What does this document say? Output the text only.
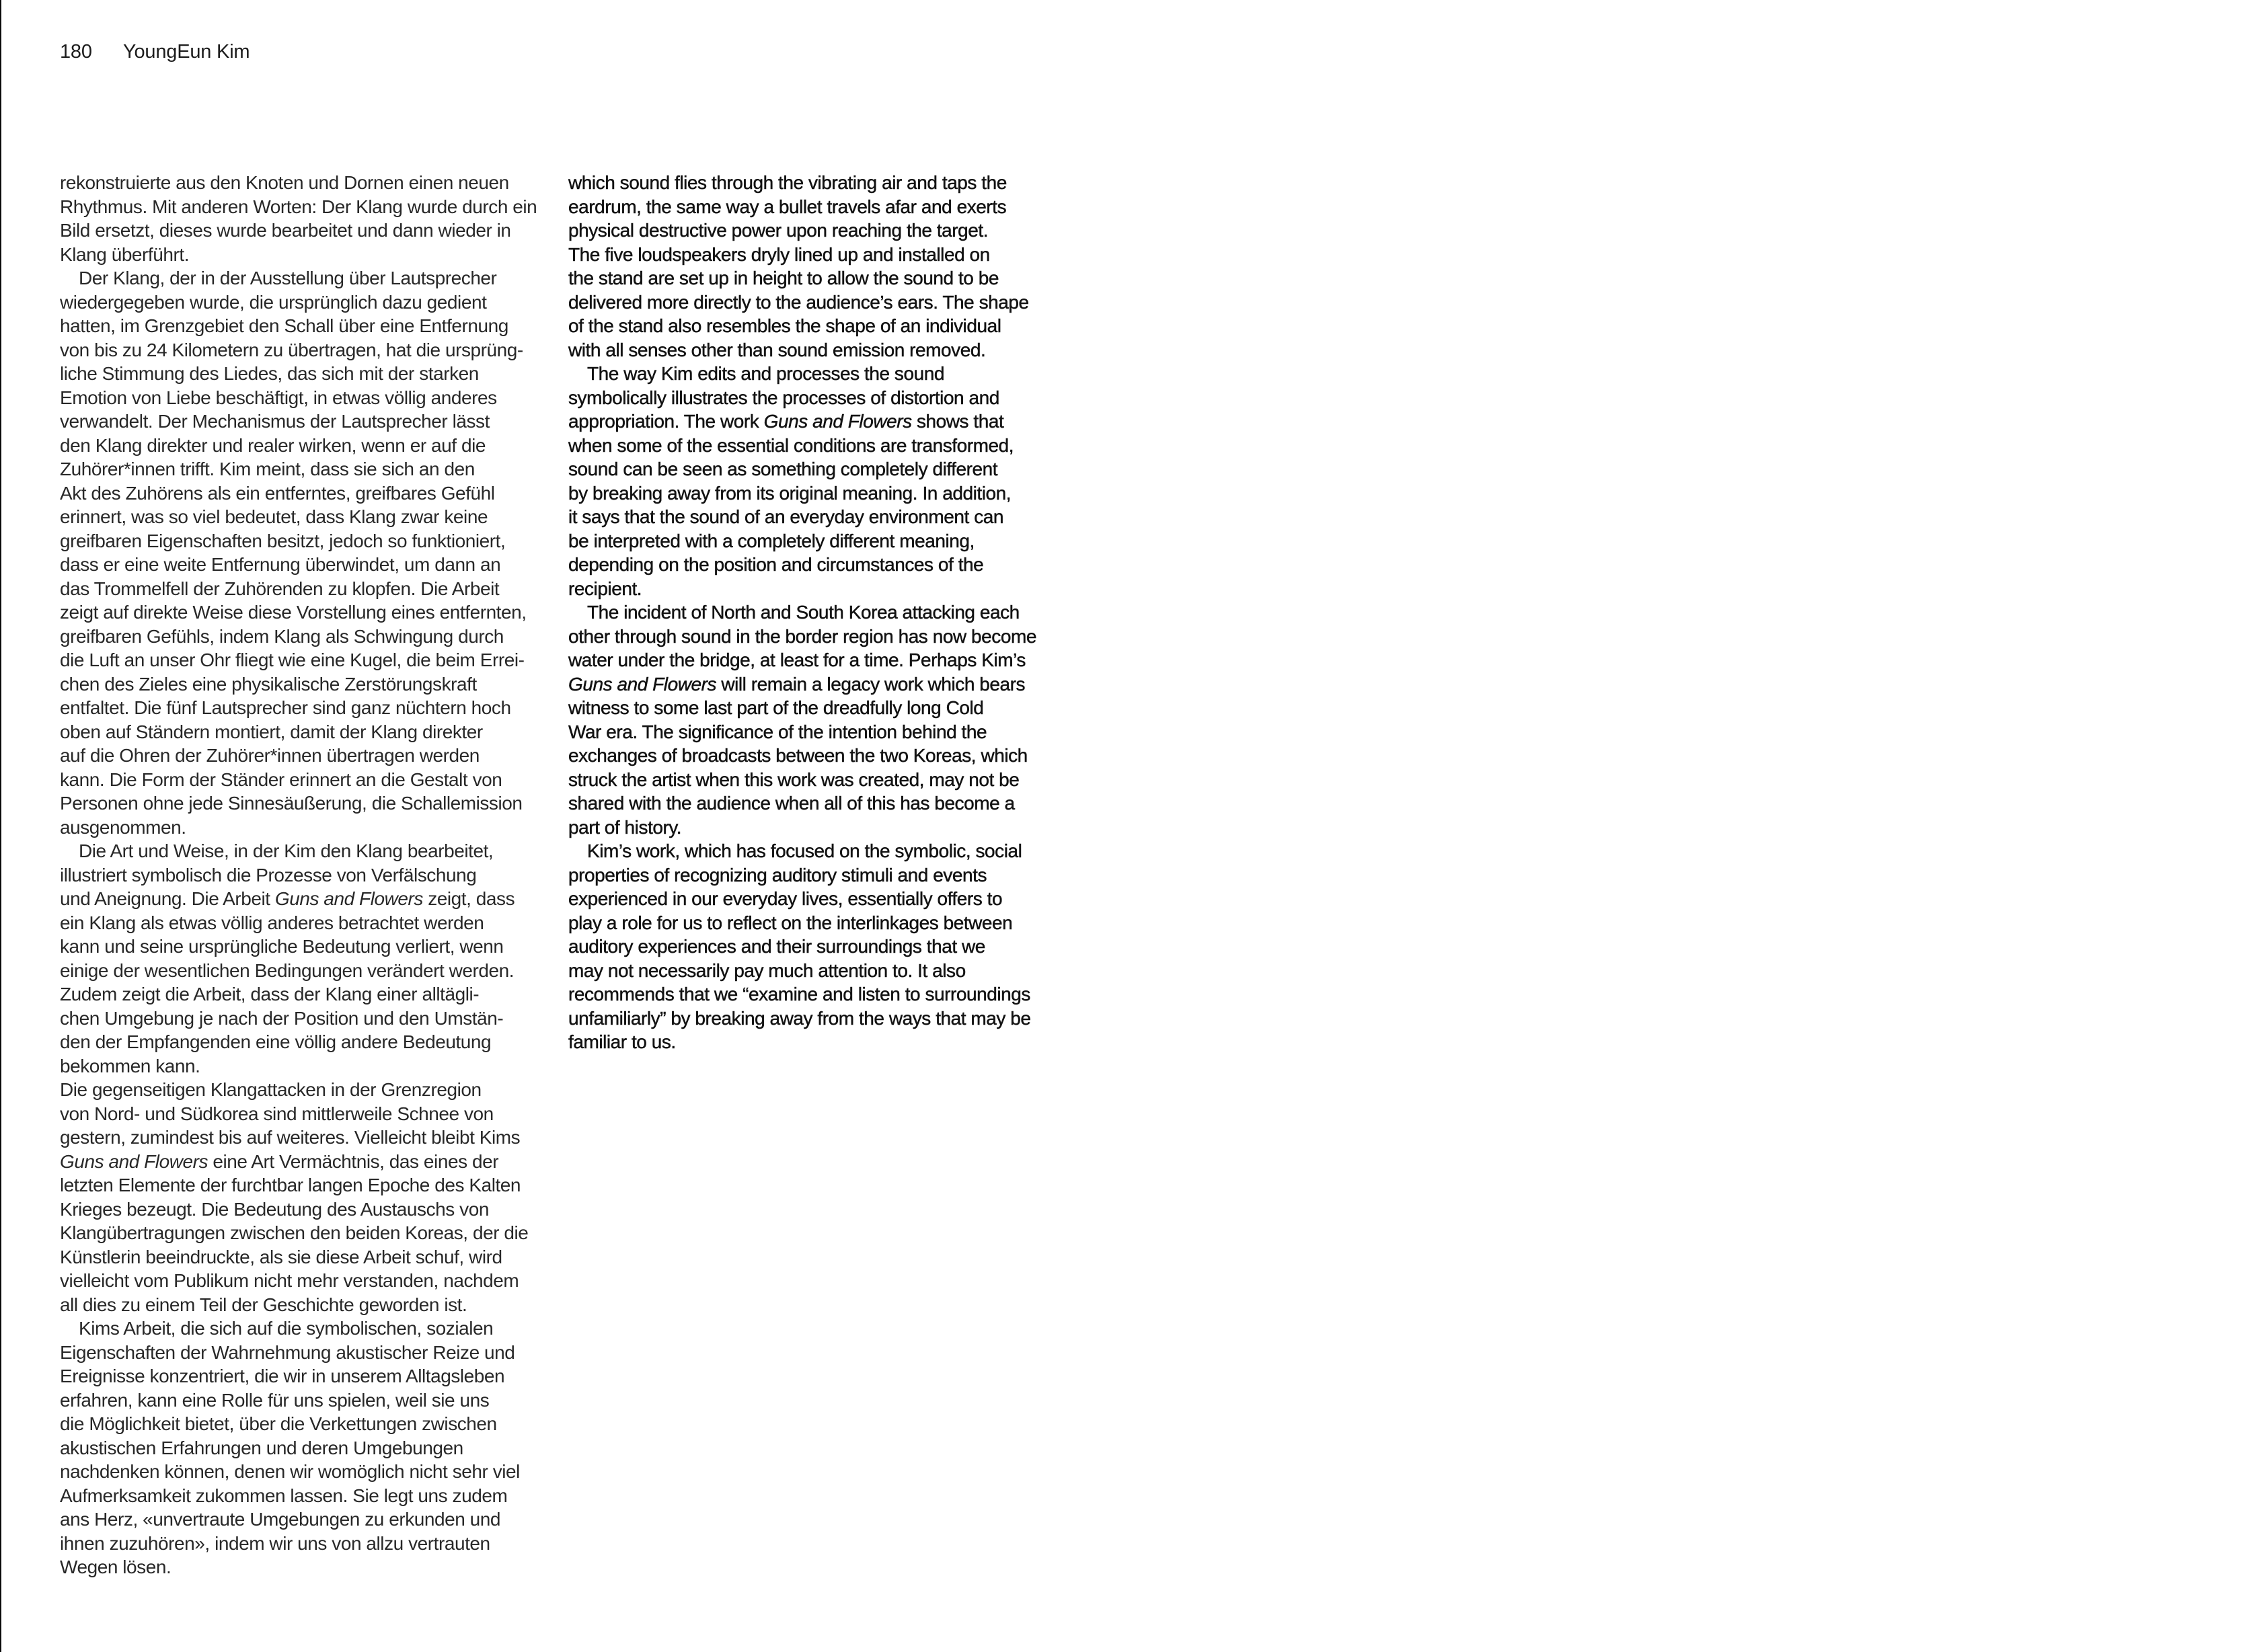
180 YoungEun Kim

rekonstruierte aus den Knoten und Dornen einen neuen
Rhythmus. Mit anderen Worten: Der Klang wurde durch ein
Bild ersetzt, dieses wurde bearbeitet und dann wieder in
Klang überführt.

Der Klang, der in der Ausstellung über Lautsprecher
wiedergegeben wurde, die ursprünglich dazu gedient
hatten, im Grenzgebiet den Schall über eine Entfernung
von bis zu 24 Kilometern zu übertragen, hat die ursprüng-
liche Stimmung des Liedes, das sich mit der starken
Emotion von Liebe beschäftigt, in etwas völlig anderes
verwandelt. Der Mechanismus der Lautsprecher lässt
den Klang direkter und realer wirken, wenn er auf die
Zuhörer*innen trifft. Kim meint, dass sie sich an den
Akt des Zuhörens als ein entferntes, greifbares Gefühl
erinnert, was so viel bedeutet, dass Klang zwar keine
greifbaren Eigenschaften besitzt, jedoch so funktioniert,
dass er eine weite Entfernung überwindet, um dann an
das Trommelfell der Zuhörenden zu klopfen. Die Arbeit
zeigt auf direkte Weise diese Vorstellung eines entfernten,
greifbaren Gefühls, indem Klang als Schwingung durch
die Luft an unser Ohr fliegt wie eine Kugel, die beim Errei-
chen des Zieles eine physikalische Zerstörungskraft
entfaltet. Die fünf Lautsprecher sind ganz nüchtern hoch
oben auf Ständern montiert, damit der Klang direkter
auf die Ohren der Zuhörer*innen übertragen werden
kann. Die Form der Ständer erinnert an die Gestalt von
Personen ohne jede Sinnesäußerung, die Schallemission
ausgenommen.

Die Art und Weise, in der Kim den Klang bearbeitet,
illustriert symbolisch die Prozesse von Verfälschung
und Aneignung. Die Arbeit Guns and Flowers zeigt, dass
ein Klang als etwas völlig anderes betrachtet werden
kann und seine ursprüngliche Bedeutung verliert, wenn
einige der wesentlichen Bedingungen verändert werden.
Zudem zeigt die Arbeit, dass der Klang einer alltägli-
chen Umgebung je nach der Position und den Umstän-
den der Empfangenden eine völlig andere Bedeutung
bekommen kann.

Die gegenseitigen Klangattacken in der Grenzregion
von Nord- und Südkorea sind mittlerweile Schnee von
gestern, zumindest bis auf weiteres. Vielleicht bleibt Kims
Guns and Flowers eine Art Vermächtnis, das eines der
letzten Elemente der furchtbar langen Epoche des Kalten
Krieges bezeugt. Die Bedeutung des Austauschs von
Klangübertragungen zwischen den beiden Koreas, der die
Künstlerin beeindruckte, als sie diese Arbeit schuf, wird
vielleicht vom Publikum nicht mehr verstanden, nachdem
all dies zu einem Teil der Geschichte geworden ist.

Kims Arbeit, die sich auf die symbolischen, sozialen
Eigenschaften der Wahrnehmung akustischer Reize und
Ereignisse konzentriert, die wir in unserem Alltagsleben
erfahren, kann eine Rolle für uns spielen, weil sie uns
die Möglichkeit bietet, über die Verkettungen zwischen
akustischen Erfahrungen und deren Umgebungen
nachdenken können, denen wir womöglich nicht sehr viel
Aufmerksamkeit zukommen lassen. Sie legt uns zudem
ans Herz, «unvertraute Umgebungen zu erkunden und
ihnen zuzuhören», indem wir uns von allzu vertrauten
Wegen lösen.

which sound flies through the vibrating air and taps the
eardrum, the same way a bullet travels afar and exerts
physical destructive power upon reaching the target.
The five loudspeakers dryly lined up and installed on
the stand are set up in height to allow the sound to be
delivered more directly to the audience’s ears. The shape
of the stand also resembles the shape of an individual
with all senses other than sound emission removed.

The way Kim edits and processes the sound
symbolically illustrates the processes of distortion and
appropriation. The work Guns and Flowers shows that
when some of the essential conditions are transformed,
sound can be seen as something completely different
by breaking away from its original meaning. In addition,
it says that the sound of an everyday environment can
be interpreted with a completely different meaning,
depending on the position and circumstances of the
recipient.

The incident of North and South Korea attacking each
other through sound in the border region has now become
water under the bridge, at least for a time. Perhaps Kim’s
Guns and Flowers will remain a legacy work which bears
witness to some last part of the dreadfully long Cold
War era. The significance of the intention behind the
exchanges of broadcasts between the two Koreas, which
struck the artist when this work was created, may not be
shared with the audience when all of this has become a
part of history.

Kim’s work, which has focused on the symbolic, social
properties of recognizing auditory stimuli and events
experienced in our everyday lives, essentially offers to
play a role for us to reflect on the interlinkages between
auditory experiences and their surroundings that we
may not necessarily pay much attention to. It also
recommends that we “examine and listen to surroundings
unfamiliarly” by breaking away from the ways that may be
familiar to us.
